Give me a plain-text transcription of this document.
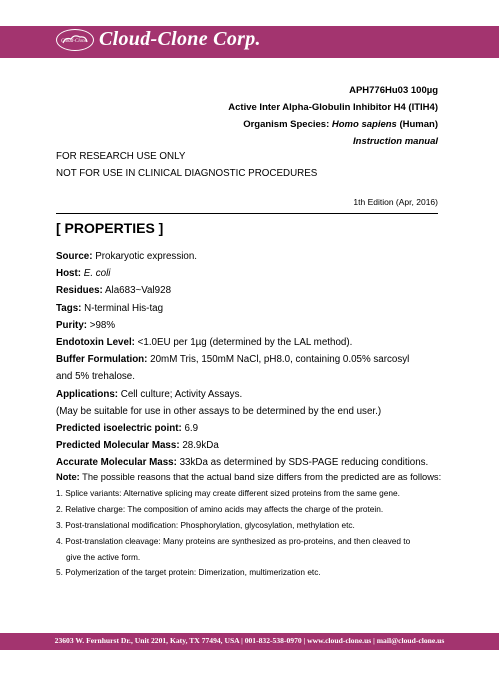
Cloud-Clone Cloud-Clone Corp.
APH776Hu03 100µg
Active Inter Alpha-Globulin Inhibitor H4 (ITIH4)
Organism Species: Homo sapiens (Human)
Instruction manual
FOR RESEARCH USE ONLY
NOT FOR USE IN CLINICAL DIAGNOSTIC PROCEDURES
1th Edition (Apr, 2016)
[ PROPERTIES ]
Source: Prokaryotic expression.
Host: E. coli
Residues: Ala683~Val928
Tags: N-terminal His-tag
Purity: >98%
Endotoxin Level: <1.0EU per 1µg (determined by the LAL method).
Buffer Formulation: 20mM Tris, 150mM NaCl, pH8.0, containing 0.05% sarcosyl
and 5% trehalose.
Applications: Cell culture; Activity Assays.
(May be suitable for use in other assays to be determined by the end user.)
Predicted isoelectric point: 6.9
Predicted Molecular Mass: 28.9kDa
Accurate Molecular Mass: 33kDa as determined by SDS-PAGE reducing conditions.
Note: The possible reasons that the actual band size differs from the predicted are as follows:
1. Splice variants: Alternative splicing may create different sized proteins from the same gene.
2. Relative charge: The composition of amino acids may affects the charge of the protein.
3. Post-translational modification: Phosphorylation, glycosylation, methylation etc.
4. Post-translation cleavage: Many proteins are synthesized as pro-proteins, and then cleaved to
give the active form.
5. Polymerization of the target protein: Dimerization, multimerization etc.
23603 W. Fernhurst Dr., Unit 2201, Katy, TX 77494, USA | 001-832-538-0970 | www.cloud-clone.us | mail@cloud-clone.us
